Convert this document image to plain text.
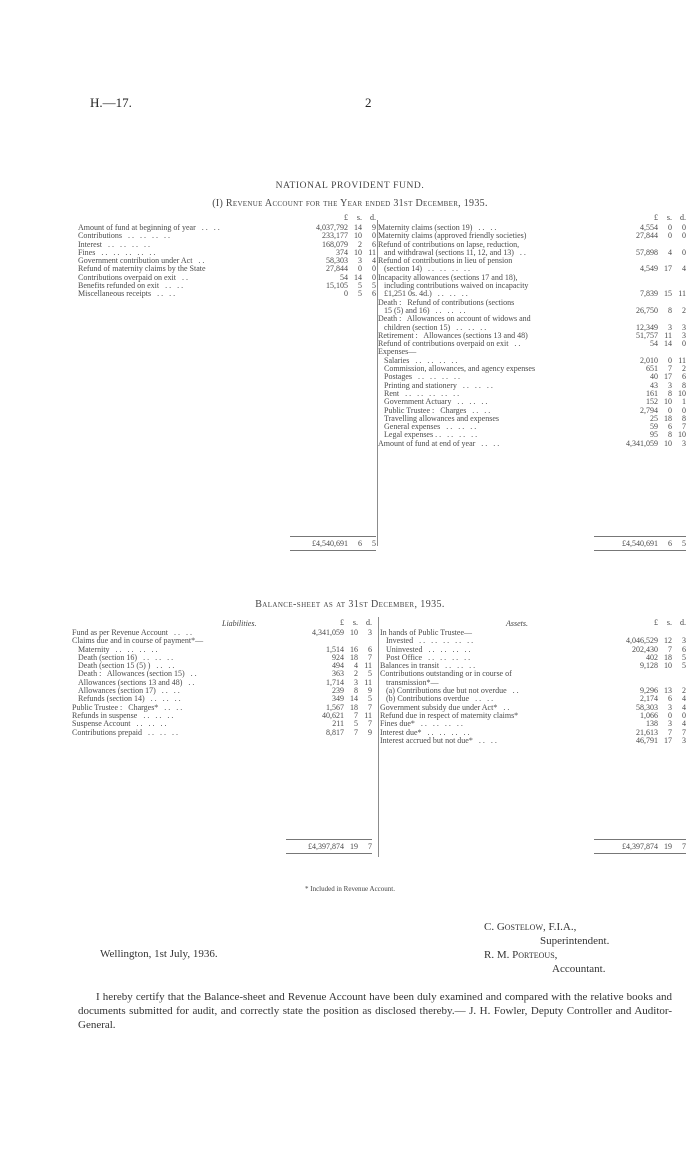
H.—17.	2
NATIONAL PROVIDENT FUND.
(I) Revenue Account for the Year ended 31st December, 1935.
£	s.	d.
Amount of fund at beginning of year   . .   . .	4,037,792 14	9
Contributions   . .   . .   . .   . .	233,177 10	0
Interest   . .   . .   . .   . .	168,079	2	6
Fines   . .   . .   . .   . .   . .	374 10 11
Government contribution under Act   . .	58,303	3	4
Refund of maternity claims by the State	27,844	0	0
Contributions overpaid on exit   . .	54 14	0
Benefits refunded on exit   . .   . .	15,105	5	5
Miscellaneous receipts   . .   . .	0	5	6
£	s.	d.
Maternity claims (section 19)   . .   . .	4,554	0	0
Maternity claims (approved friendly societies)	27,844	0	0
Refund of contributions on lapse, reduction,
and withdrawal (sections 11, 12, and 13)   . .	57,898	4	0
Refund of contributions in lieu of pension
(section 14)   . .   . .   . .   . .	4,549 17	4
Incapacity allowances (sections 17 and 18),
including contributions waived on incapacity
£1,251 0s. 4d.)   . .   . .   . .	7,839 15 11
Death :   Refund of contributions (sections
15 (5) and 16)   . .   . .   . .	26,750	8	2
Death :   Allowances on account of widows and
children (section 15)   . .   . .   . .	12,349	3	3
Retirement :   Allowances (sections 13 and 48)	51,757 11	3
Refund of contributions overpaid on exit   . .	54 14	0
Expenses—
Salaries   . .   . .   . .   . .	2,010	0 11
Commission, allowances, and agency expenses	651	7	2
Postages   . .   . .   . .   . .	40 17	6
Printing and stationery   . .   . .   . .	43	3	8
Rent   . .   . .   . .   . .   . .	161	8 10
Government Actuary   . .   . .   . .	152 10	1
Public Trustee :   Charges   . .   . .	2,794	0	0
Travelling allowances and expenses	25 18	8
General expenses   . .   . .   . .	59	6	7
Legal expenses . .   . .   . .   . .	95	8 10
Amount of fund at end of year   . .   . .	4,341,059 10	3
£4,540,691	6	5	£4,540,691	6	5
Balance-sheet as at 31st December, 1935.
Liabilities.	Assets.
£	s.	d.
Fund as per Revenue Account   . .   . .	4,341,059 10	3
Claims due and in course of payment*—
Maternity   . .   . .   . .   . .	1,514 16	6
Death (section 16)   . .   . .   . .	924 18	7
Death (section 15 (5) )   . .   . .	494	4 11
Death :   Allowances (section 15)   . .	363	2	5
Allowances (sections 13 and 48)   . .	1,714	3 11
Allowances (section 17)   . .   . .	239	8	9
Refunds (section 14)   . .   . .   . .	349 14	5
Public Trustee :   Charges*   . .   . .	1,567 18	7
Refunds in suspense   . .   . .   . .	40,621	7 11
Suspense Account   . .   . .   . .	211	5	7
Contributions prepaid   . .   . .   . .	8,817	7	9
£	s.	d.
In hands of Public Trustee—
Invested   . .   . .   . .   . .   . .	4,046,529 12	3
Uninvested   . .   . .   . .   . .	202,430	7	6
Post Office   . .   . .   . .   . .	402 18	5
Balances in transit   . .   . .   . .	9,128 10	5
Contributions outstanding or in course of
transmission*—
(a) Contributions due but not overdue   . .	9,296 13	2
(b) Contributions overdue   . .   . .	2,174	6	4
Government subsidy due under Act*   . .	58,303	3	4
Refund due in respect of maternity claims*	1,066	0	0
Fines due*   . .   . .   . .   . .	138	3	4
Interest due*   . .   . .   . .   . .	21,613	7	7
Interest accrued but not due*   . .   . .	46,791 17	3
£4,397,874 19	7	£4,397,874 19	7
* Included in Revenue Account.
C. Gostelow, F.I.A.,
Superintendent.
R. M. Porteous,
Accountant.
Wellington, 1st July, 1936.
I hereby certify that the Balance-sheet and Revenue Account have been duly examined and compared with the relative books and documents submitted for audit, and correctly state the position as disclosed thereby.— J. H. Fowler, Deputy Controller and Auditor-General.
